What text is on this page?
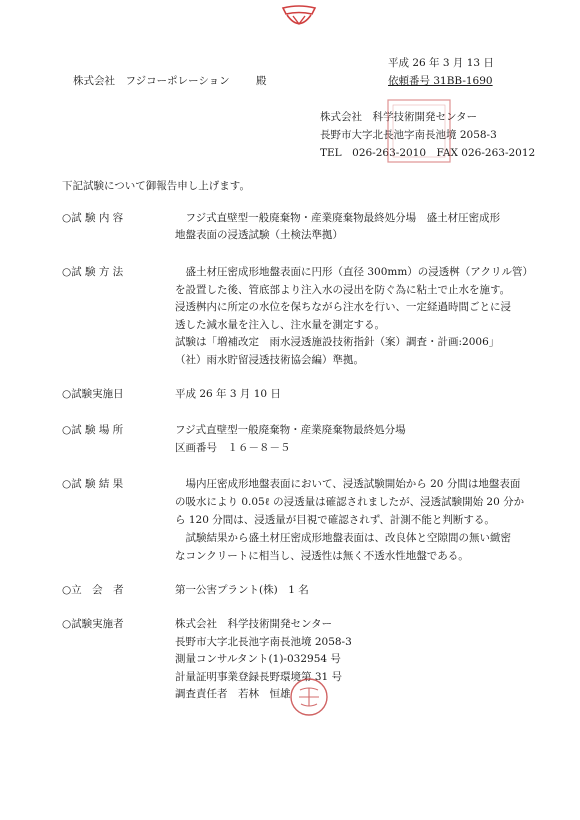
平成 26 年 3 月 13 日
株式会社　フジコーポレーション	殿	依頼番号 31BB-1690
株式会社　科学技術開発センター
長野市大字北長池字南長池境 2058-3
TEL　026-263-2010　FAX 026-263-2012
下記試験について御報告申し上げます。
○試 験 内 容	　フジ式直壁型一般廃棄物・産業廃棄物最終処分場　盛土材圧密成形
地盤表面の浸透試験（土検法準拠）
○試 験 方 法	　盛土材圧密成形地盤表面に円形（直径 300mm）の浸透桝（アクリル管）
を設置した後、管底部より注入水の浸出を防ぐ為に粘土で止水を施す。
浸透桝内に所定の水位を保ちながら注水を行い、一定経過時間ごとに浸
透した減水量を注入し、注水量を測定する。
試験は「増補改定　雨水浸透施設技術指針（案）調査・計画:2006」
（社）雨水貯留浸透技術協会編）準拠。
○試験実施日	平成 26 年 3 月 10 日
○試 験 場 所	フジ式直壁型一般廃棄物・産業廃棄物最終処分場
区画番号　１６－８－５
○試 験 結 果	　場内圧密成形地盤表面において、浸透試験開始から 20 分間は地盤表面
の吸水により 0.05ℓ の浸透量は確認されましたが、浸透試験開始 20 分か
ら 120 分間は、浸透量が目視で確認されず、計測不能と判断する。
　試験結果から盛土材圧密成形地盤表面は、改良体と空隙間の無い緻密
なコンクリートに相当し、浸透性は無く不透水性地盤である。
○立　会　者	第一公害プラント(株)　1 名
○試験実施者	株式会社　科学技術開発センター
長野市大字北長池字南長池境 2058-3
測量コンサルタント(1)-032954 号
計量証明事業登録長野環境第 31 号
調査責任者　若林　恒雄
